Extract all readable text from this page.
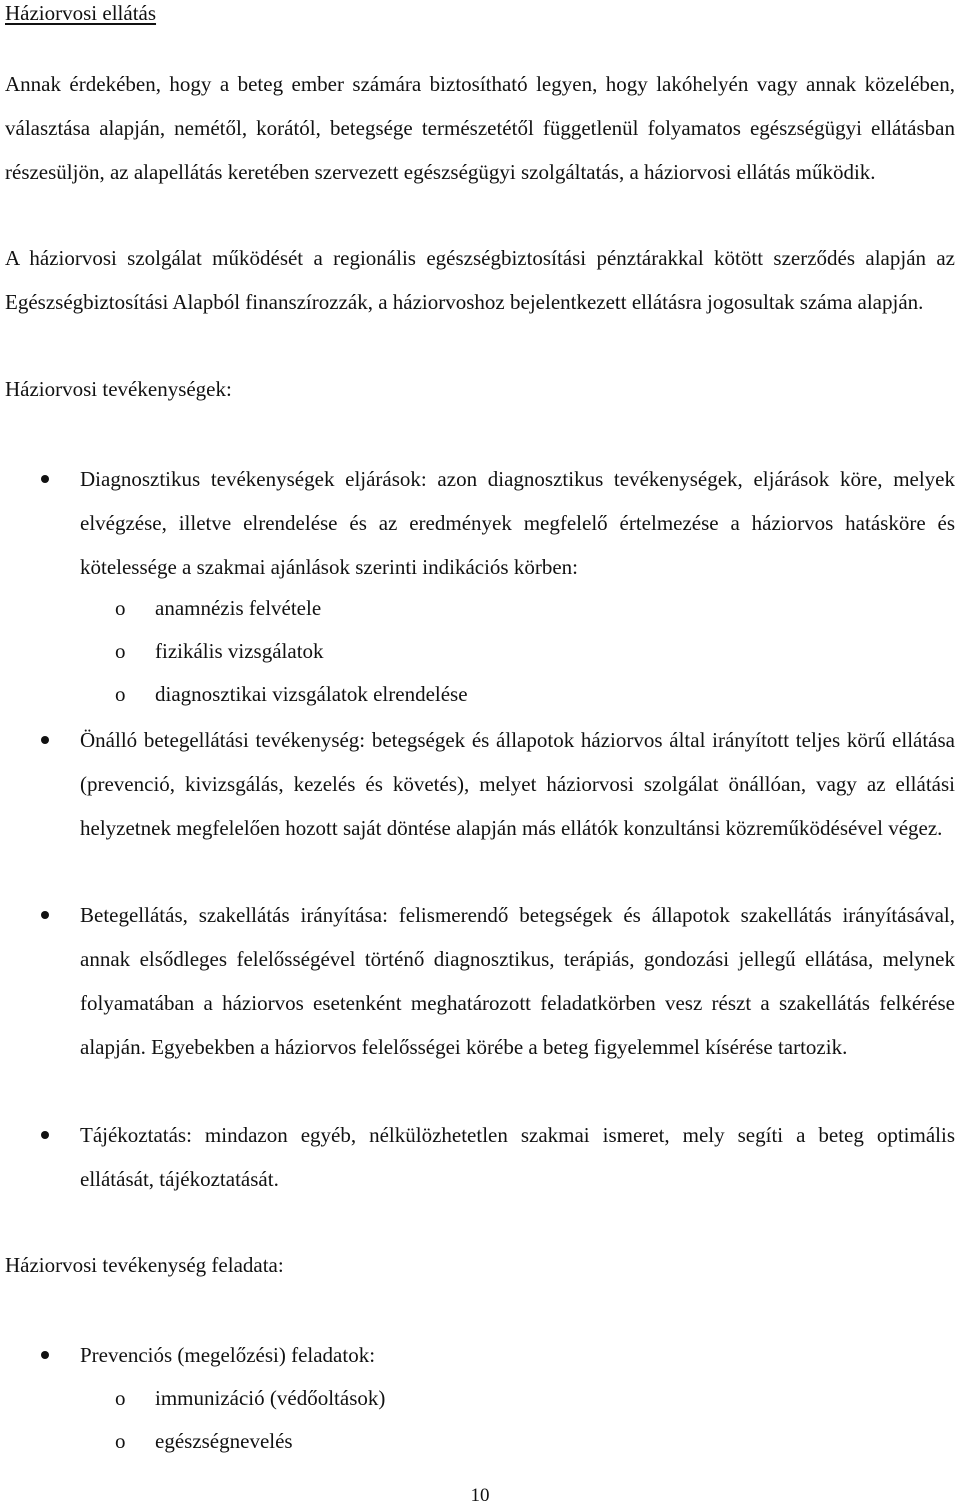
Háziorvosi ellátás

Annak érdekében, hogy a beteg ember számára biztosítható legyen, hogy lakóhelyén vagy annak közelében, választása alapján, nemétől, korától, betegsége természetétől függetlenül folyamatos egészségügyi ellátásban részesüljön, az alapellátás keretében szervezett egészségügyi szolgáltatás, a háziorvosi ellátás működik.

A háziorvosi szolgálat működését a regionális egészségbiztosítási pénztárakkal kötött szerződés alapján az Egészségbiztosítási Alapból finanszírozzák, a háziorvoshoz bejelentkezett ellátásra jogosultak száma alapján.

Háziorvosi tevékenységek:

Diagnosztikus tevékenységek eljárások: azon diagnosztikus tevékenységek, eljárások köre, melyek elvégzése, illetve elrendelése és az eredmények megfelelő értelmezése a háziorvos hatásköre és kötelessége a szakmai ajánlások szerinti indikációs körben:

o anamnézis felvétele
o fizikális vizsgálatok
o diagnosztikai vizsgálatok elrendelése

Önálló betegellátási tevékenység: betegségek és állapotok háziorvos által irányított teljes körű ellátása (prevenció, kivizsgálás, kezelés és követés), melyet háziorvosi szolgálat önállóan, vagy az ellátási helyzetnek megfelelően hozott saját döntése alapján más ellátók konzultánsi közreműködésével végez.

Betegellátás, szakellátás irányítása: felismerendő betegségek és állapotok szakellátás irányításával, annak elsődleges felelősségével történő diagnosztikus, terápiás, gondozási jellegű ellátása, melynek folyamatában a háziorvos esetenként meghatározott feladatkörben vesz részt a szakellátás felkérése alapján. Egyebekben a háziorvos felelősségei körébe a beteg figyelemmel kísérése tartozik.

Tájékoztatás: mindazon egyéb, nélkülözhetetlen szakmai ismeret, mely segíti a beteg optimális ellátását, tájékoztatását.

Háziorvosi tevékenység feladata:

Prevenciós (megelőzési) feladatok:

o immunizáció (védőoltások)
o egészségnevelés
10
